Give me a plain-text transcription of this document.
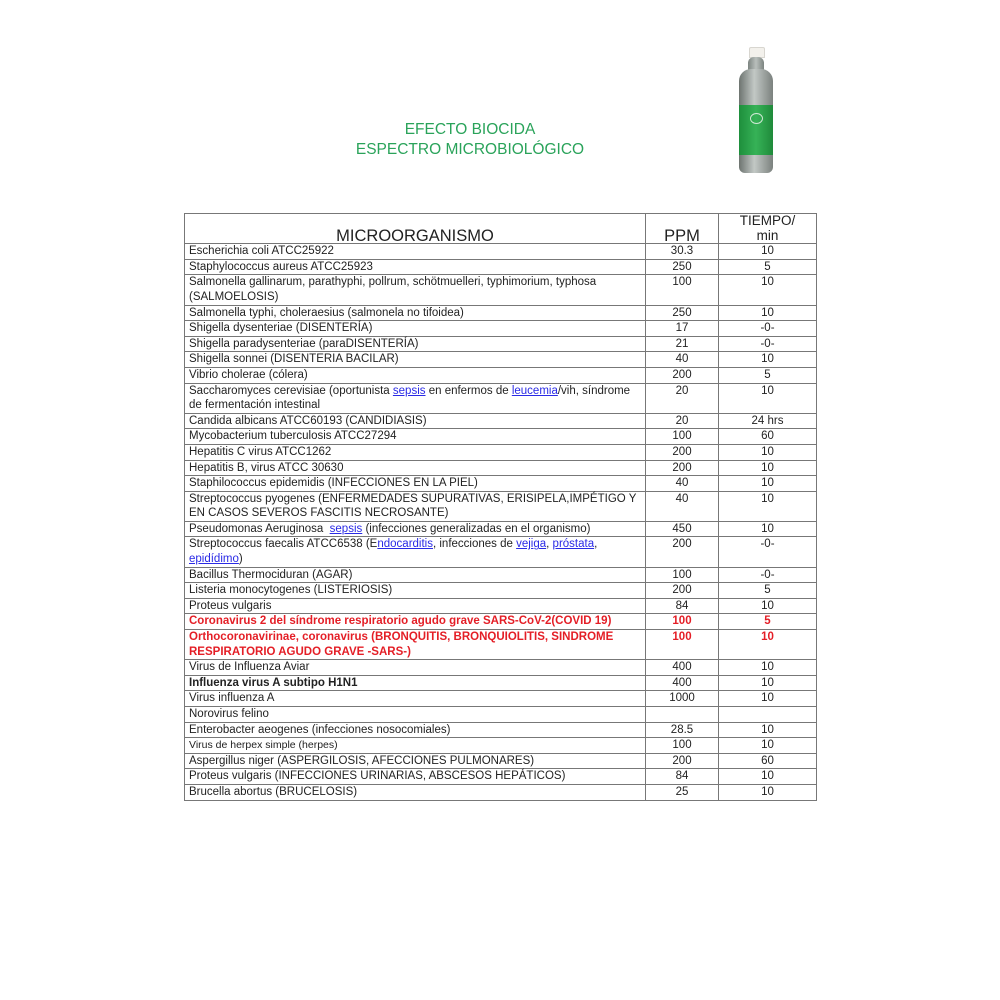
EFECTO BIOCIDA
ESPECTRO MICROBIOLÓGICO
MICROORGANISMO	PPM	TIEMPO/
min
Escherichia coli ATCC25922	30.3	10
Staphylococcus aureus ATCC25923	250	5
Salmonella gallinarum, parathyphi, pollrum, schötmuelleri, typhimorium, typhosa (SALMOELOSIS)	100	10
Salmonella typhi, choleraesius (salmonela no tifoidea)	250	10
Shigella dysenteriae (DISENTERÍA)	17	-0-
Shigella paradysenteriae (paraDISENTERÍA)	21	-0-
Shigella sonnei (DISENTERIA BACILAR)	40	10
Vibrio cholerae (cólera)	200	5
Saccharomyces cerevisiae (oportunista sepsis en enfermos de leucemia/vih, síndrome de fermentación intestinal	20	10
Candida albicans ATCC60193 (CANDIDIASIS)	20	24 hrs
Mycobacterium tuberculosis ATCC27294	100	60
Hepatitis C virus ATCC1262	200	10
Hepatitis B, virus ATCC 30630	200	10
Staphilococcus epidemidis (INFECCIONES EN LA PIEL)	40	10
Streptococcus pyogenes (ENFERMEDADES SUPURATIVAS, ERISIPELA,IMPÉTIGO Y EN CASOS SEVEROS FASCITIS NECROSANTE)	40	10
Pseudomonas Aeruginosa  sepsis (infecciones generalizadas en el organismo)	450	10
Streptococcus faecalis ATCC6538 (Endocarditis, infecciones de vejiga, próstata, epidídimo)	200	-0-
Bacillus Thermociduran (AGAR)	100	-0-
Listeria monocytogenes (LISTERIOSIS)	200	5
Proteus vulgaris	84	10
Coronavirus 2 del síndrome respiratorio agudo grave SARS-CoV-2(COVID 19)	100	5
Orthocoronavirinae, coronavirus (BRONQUITIS, BRONQUIOLITIS, SINDROME RESPIRATORIO AGUDO GRAVE -SARS-)	100	10
Virus de Influenza Aviar	400	10
Influenza virus A subtipo H1N1	400	10
Virus influenza A	1000	10
Norovirus felino		
Enterobacter aeogenes (infecciones nosocomiales)	28.5	10
Virus de herpex simple (herpes)	100	10
Aspergillus niger (ASPERGILOSIS, AFECCIONES PULMONARES)	200	60
Proteus vulgaris (INFECCIONES URINARIAS, ABSCESOS HEPÁTICOS)	84	10
Brucella abortus (BRUCELOSIS)	25	10
